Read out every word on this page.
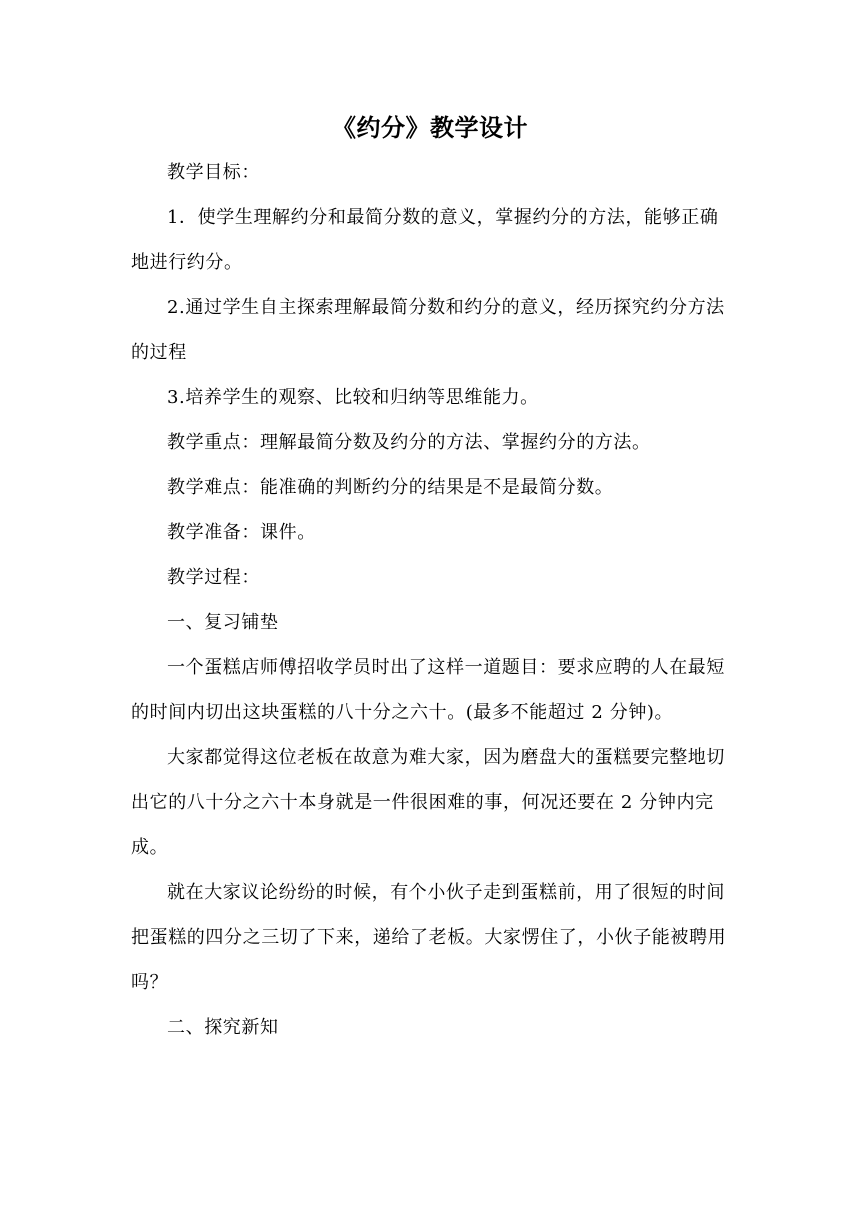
《约分》教学设计

教学目标：

1．使学生理解约分和最简分数的意义，掌握约分的方法，能够正确地进行约分。

2.通过学生自主探索理解最简分数和约分的意义，经历探究约分方法的过程

3.培养学生的观察、比较和归纳等思维能力。

教学重点：理解最简分数及约分的方法、掌握约分的方法。

教学难点：能准确的判断约分的结果是不是最简分数。

教学准备：课件。

教学过程：

一、复习铺垫

一个蛋糕店师傅招收学员时出了这样一道题目：要求应聘的人在最短的时间内切出这块蛋糕的八十分之六十。(最多不能超过 2 分钟)。

大家都觉得这位老板在故意为难大家，因为磨盘大的蛋糕要完整地切出它的八十分之六十本身就是一件很困难的事，何况还要在 2 分钟内完成。

就在大家议论纷纷的时候，有个小伙子走到蛋糕前，用了很短的时间把蛋糕的四分之三切了下来，递给了老板。大家愣住了，小伙子能被聘用吗？

二、探究新知
